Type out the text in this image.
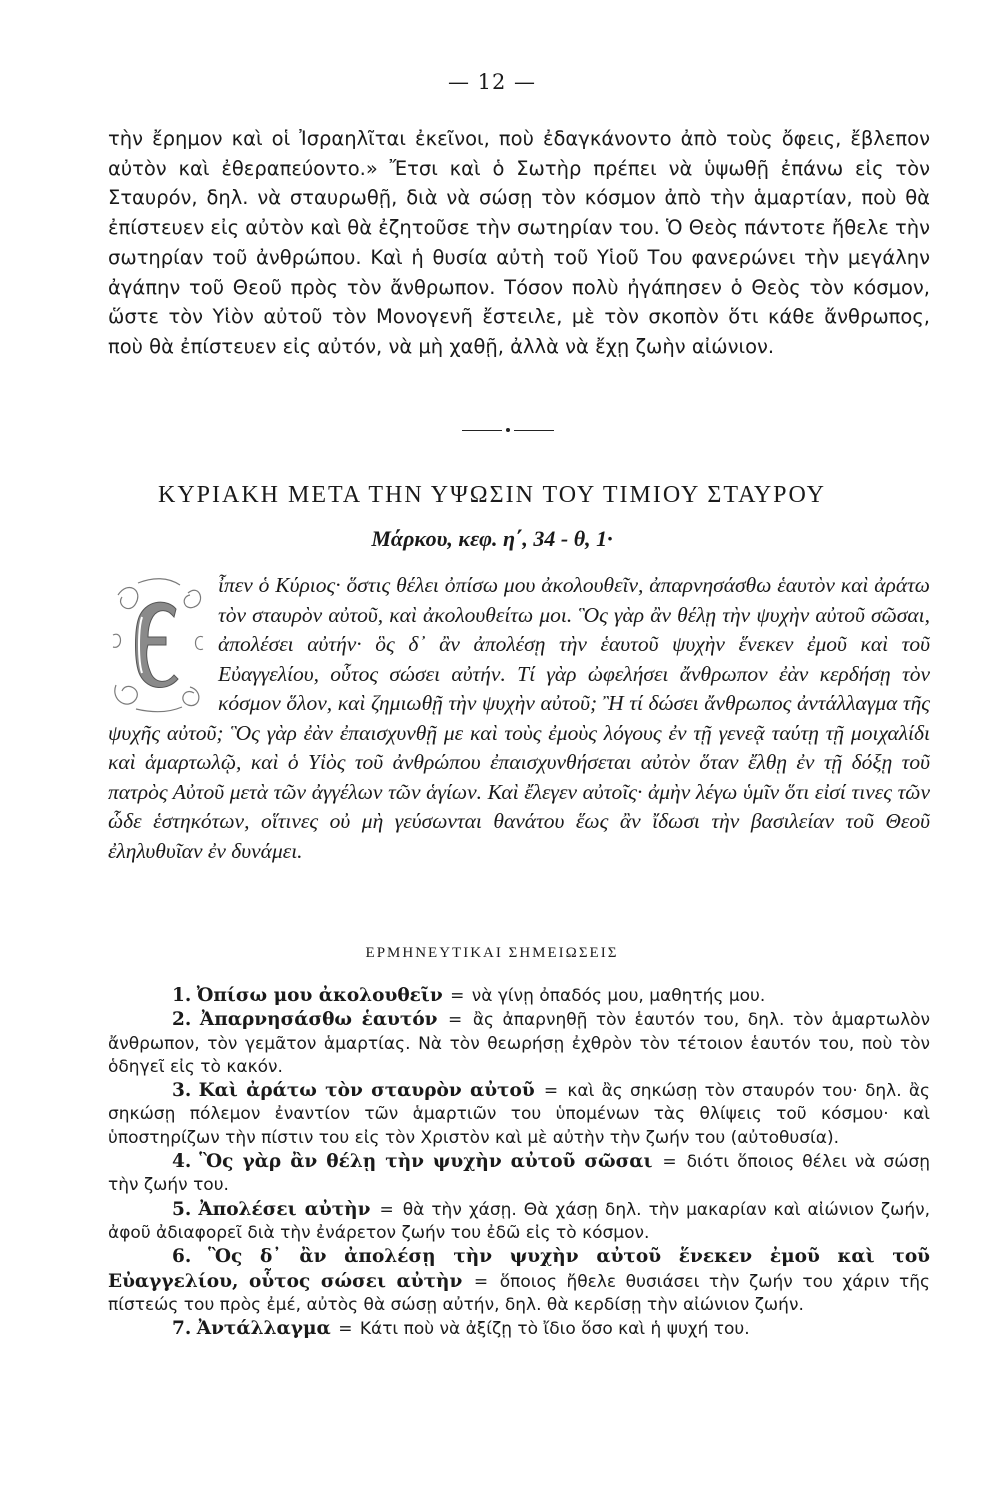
— 12 —

τὴν ἔρημον καὶ οἱ Ἰσραηλῖται ἐκεῖνοι, ποὺ ἐδαγκάνοντο ἀπὸ τοὺς ὄφεις, ἔβλεπον αὐτὸν καὶ ἐθεραπεύοντο.» Ἔτσι καὶ ὁ Σωτὴρ πρέπει νὰ ὑψωθῇ ἐπάνω εἰς τὸν Σταυρόν, δηλ. νὰ σταυρωθῇ, διὰ νὰ σώσῃ τὸν κόσμον ἀπὸ τὴν ἁμαρτίαν, ποὺ θὰ ἐπίστευεν εἰς αὐτὸν καὶ θὰ ἐζητοῦσε τὴν σωτηρίαν του. Ὁ Θεὸς πάντοτε ἤθελε τὴν σωτηρίαν τοῦ ἀνθρώπου. Καὶ ἡ θυσία αὐτὴ τοῦ Υἱοῦ Του φανερώνει τὴν μεγάλην ἀγάπην τοῦ Θεοῦ πρὸς τὸν ἄνθρωπον. Τόσον πολὺ ἠγάπησεν ὁ Θεὸς τὸν κόσμον, ὥστε τὸν Υἱὸν αὐτοῦ τὸν Μονογενῆ ἔστειλε, μὲ τὸν σκοπὸν ὅτι κάθε ἄνθρωπος, ποὺ θὰ ἐπίστευεν εἰς αὐτόν, νὰ μὴ χαθῇ, ἀλλὰ νὰ ἔχῃ ζωὴν αἰώνιον.

ΚΥΡΙΑΚΗ ΜΕΤΑ ΤΗΝ ΥΨΩΣΙΝ ΤΟΥ ΤΙΜΙΟΥ ΣΤΑΥΡΟΥ
Μάρκου, κεφ. η΄, 34 - θ, 1·

ἶπεν ὁ Κύριος· ὅστις θέλει ὀπίσω μου ἀκολουθεῖν, ἀπαρνησάσθω ἑαυτὸν καὶ ἀράτω τὸν σταυρὸν αὐτοῦ, καὶ ἀκολουθείτω μοι. Ὃς γὰρ ἂν θέλῃ τὴν ψυχὴν αὐτοῦ σῶσαι, ἀπολέσει αὐτήν· ὃς δ᾽ ἂν ἀπολέσῃ τὴν ἑαυτοῦ ψυχὴν ἕνεκεν ἐμοῦ καὶ τοῦ Εὐαγγελίου, οὗτος σώσει αὐτήν. Τί γὰρ ὠφελήσει ἄνθρωπον ἐὰν κερδήσῃ τὸν κόσμον ὅλον, καὶ ζημιωθῇ τὴν ψυχὴν αὐτοῦ; Ἢ τί δώσει ἄνθρωπος ἀντάλλαγμα τῆς ψυχῆς αὐτοῦ; Ὃς γὰρ ἐὰν ἐπαισχυνθῇ με καὶ τοὺς ἐμοὺς λόγους ἐν τῇ γενεᾷ ταύτῃ τῇ μοιχαλίδι καὶ ἁμαρτωλῷ, καὶ ὁ Υἱὸς τοῦ ἀνθρώπου ἐπαισχυνθήσεται αὐτὸν ὅταν ἔλθῃ ἐν τῇ δόξῃ τοῦ πατρὸς Αὐτοῦ μετὰ τῶν ἀγγέλων τῶν ἁγίων. Καὶ ἔλεγεν αὐτοῖς· ἀμὴν λέγω ὑμῖν ὅτι εἰσί τινες τῶν ὧδε ἑστηκότων, οἵτινες οὐ μὴ γεύσωνται θανάτου ἕως ἂν ἴδωσι τὴν βασιλείαν τοῦ Θεοῦ ἐληλυθυῖαν ἐν δυνάμει.

ΕΡΜΗΝΕΥΤΙΚΑΙ ΣΗΜΕΙΩΣΕΙΣ

1. Ὀπίσω μου ἀκολουθεῖν = νὰ γίνῃ ὀπαδός μου, μαθητής μου.

2. Ἀπαρνησάσθω ἑαυτόν = ἂς ἀπαρνηθῇ τὸν ἑαυτόν του, δηλ. τὸν ἁμαρτωλὸν ἄνθρωπον, τὸν γεμᾶτον ἁμαρτίας. Νὰ τὸν θεωρήσῃ ἐχθρὸν τὸν τέτοιον ἑαυτόν του, ποὺ τὸν ὁδηγεῖ εἰς τὸ κακόν.

3. Καὶ ἀράτω τὸν σταυρὸν αὐτοῦ = καὶ ἂς σηκώσῃ τὸν σταυρόν του· δηλ. ἂς σηκώσῃ πόλεμον ἐναντίον τῶν ἁμαρτιῶν του ὑπομένων τὰς θλίψεις τοῦ κόσμου· καὶ ὑποστηρίζων τὴν πίστιν του εἰς τὸν Χριστὸν καὶ μὲ αὐτὴν τὴν ζωήν του (αὐτοθυσία).

4. Ὃς γὰρ ἂν θέλῃ τὴν ψυχὴν αὐτοῦ σῶσαι = διότι ὅποιος θέλει νὰ σώσῃ τὴν ζωήν του.

5. Ἀπολέσει αὐτὴν = θὰ τὴν χάσῃ. Θὰ χάσῃ δηλ. τὴν μακαρίαν καὶ αἰώνιον ζωήν, ἀφοῦ ἀδιαφορεῖ διὰ τὴν ἐνάρετον ζωήν του ἐδῶ εἰς τὸ κόσμον.

6. Ὃς δ᾽ ἂν ἀπολέσῃ τὴν ψυχὴν αὐτοῦ ἕνεκεν ἐμοῦ καὶ τοῦ Εὐαγγελίου, οὗτος σώσει αὐτὴν = ὅποιος ἤθελε θυσιάσει τὴν ζωήν του χάριν τῆς πίστεώς του πρὸς ἐμέ, αὐτὸς θὰ σώσῃ αὐτήν, δηλ. θὰ κερδίσῃ τὴν αἰώνιον ζωήν.

7. Ἀντάλλαγμα = Κάτι ποὺ νὰ ἀξίζῃ τὸ ἴδιο ὅσο καὶ ἡ ψυχή του.
